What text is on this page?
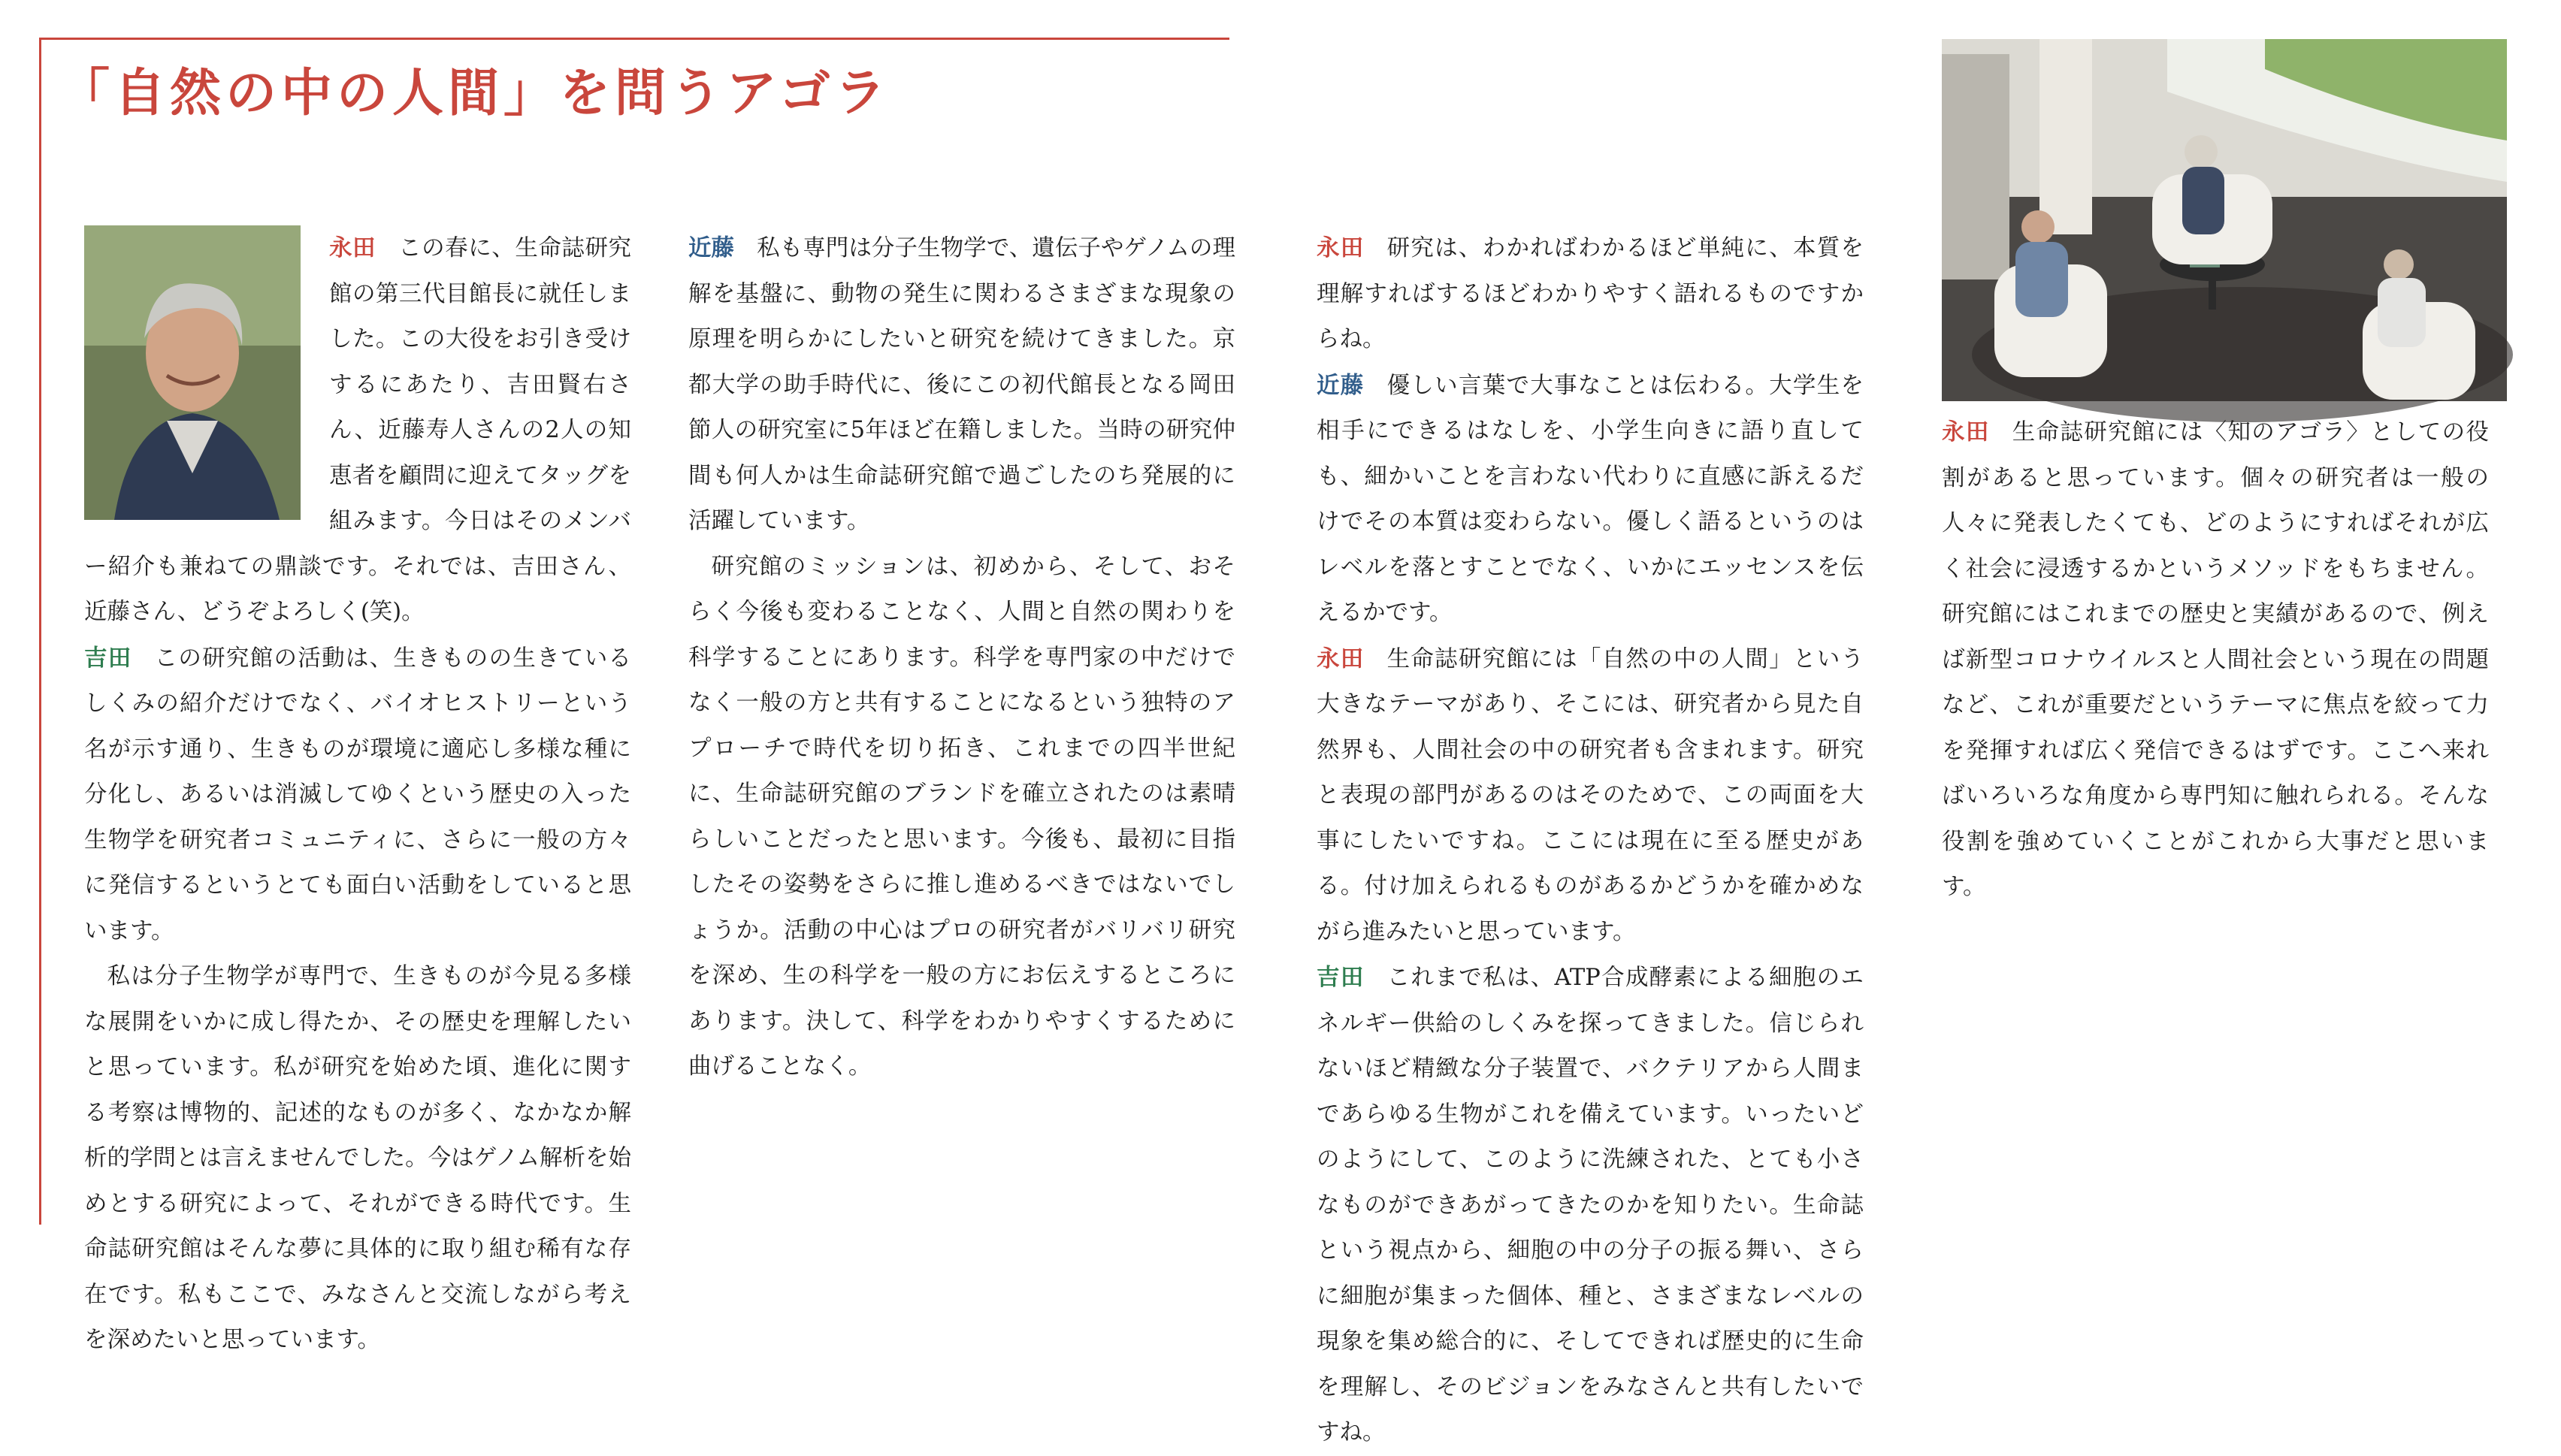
「自然の中の人間」を問うアゴラ

永田 この春に、生命誌研究館の第三代目館長に就任しました。この大役をお引き受けするにあたり、吉田賢右さん、近藤寿人さんの2人の知恵者を顧問に迎えてタッグを組みます。今日はそのメンバー紹介も兼ねての鼎談です。それでは、吉田さん、近藤さん、どうぞよろしく(笑)。

吉田 この研究館の活動は、生きものの生きているしくみの紹介だけでなく、バイオヒストリーという名が示す通り、生きものが環境に適応し多様な種に分化し、あるいは消滅してゆくという歴史の入った生物学を研究者コミュニティに、さらに一般の方々に発信するというとても面白い活動をしていると思います。

私は分子生物学が専門で、生きものが今見る多様な展開をいかに成し得たか、その歴史を理解したいと思っています。私が研究を始めた頃、進化に関する考察は博物的、記述的なものが多く、なかなか解析的学問とは言えませんでした。今はゲノム解析を始めとする研究によって、それができる時代です。生命誌研究館はそんな夢に具体的に取り組む稀有な存在です。私もここで、みなさんと交流しながら考えを深めたいと思っています。

近藤 私も専門は分子生物学で、遺伝子やゲノムの理解を基盤に、動物の発生に関わるさまざまな現象の原理を明らかにしたいと研究を続けてきました。京都大学の助手時代に、後にこの初代館長となる岡田節人の研究室に5年ほど在籍しました。当時の研究仲間も何人かは生命誌研究館で過ごしたのち発展的に活躍しています。

研究館のミッションは、初めから、そして、おそらく今後も変わることなく、人間と自然の関わりを科学することにあります。科学を専門家の中だけでなく一般の方と共有することになるという独特のアプローチで時代を切り拓き、これまでの四半世紀に、生命誌研究館のブランドを確立されたのは素晴らしいことだったと思います。今後も、最初に目指したその姿勢をさらに推し進めるべきではないでしょうか。活動の中心はプロの研究者がバリバリ研究を深め、生の科学を一般の方にお伝えするところにあります。決して、科学をわかりやすくするために曲げることなく。

永田 研究は、わかればわかるほど単純に、本質を理解すればするほどわかりやすく語れるものですからね。

近藤 優しい言葉で大事なことは伝わる。大学生を相手にできるはなしを、小学生向きに語り直しても、細かいことを言わない代わりに直感に訴えるだけでその本質は変わらない。優しく語るというのはレベルを落とすことでなく、いかにエッセンスを伝えるかです。

永田 生命誌研究館には「自然の中の人間」という大きなテーマがあり、そこには、研究者から見た自然界も、人間社会の中の研究者も含まれます。研究と表現の部門があるのはそのためで、この両面を大事にしたいですね。ここには現在に至る歴史がある。付け加えられるものがあるかどうかを確かめながら進みたいと思っています。

吉田 これまで私は、ATP合成酵素による細胞のエネルギー供給のしくみを探ってきました。信じられないほど精緻な分子装置で、バクテリアから人間まであらゆる生物がこれを備えています。いったいどのようにして、このように洗練された、とても小さなものができあがってきたのかを知りたい。生命誌という視点から、細胞の中の分子の振る舞い、さらに細胞が集まった個体、種と、さまざまなレベルの現象を集め総合的に、そしてできれば歴史的に生命を理解し、そのビジョンをみなさんと共有したいですね。

永田 生命誌研究館には〈知のアゴラ〉としての役割があると思っています。個々の研究者は一般の人々に発表したくても、どのようにすればそれが広く社会に浸透するかというメソッドをもちません。研究館にはこれまでの歴史と実績があるので、例えば新型コロナウイルスと人間社会という現在の問題など、これが重要だというテーマに焦点を絞って力を発揮すれば広く発信できるはずです。ここへ来ればいろいろな角度から専門知に触れられる。そんな役割を強めていくことがこれから大事だと思います。
